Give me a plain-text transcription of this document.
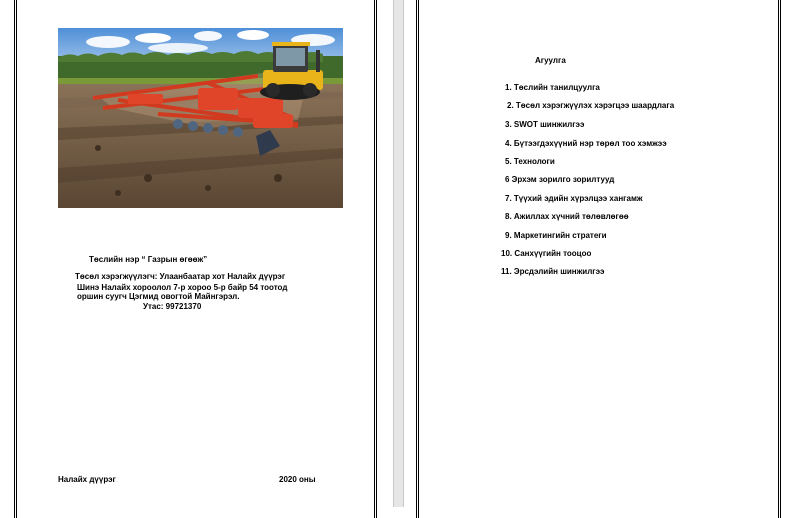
Төслийн нэр “ Газрын өгөөж”
Төсөл хэрэгжүүлэгч: Улаанбаатар хот Налайх дүүрэг
Шинэ Налайх хороолол 7-р хороо 5-р байр 54 тоотод
оршин суугч Цэгмид овогтой Майнгэрэл.
Утас: 99721370
Налайх дүүрэг	2020 оны
Агуулга
1. Төслийн танилцуулга
2. Төсөл хэрэгжүүлэх хэрэгцээ шаардлага
3. SWOT шинжилгээ
4. Бүтээгдэхүүний нэр төрөл тоо хэмжээ
5. Технологи
6 Эрхэм зорилго зорилтууд
7. Түүхий эдийн хүрэлцээ хангамж
8. Ажиллах хүчний төлөвлөгөө
9. Маркетингийн стратеги
10. Санхүүгийн тооцоо
11. Эрсдэлийн шинжилгээ
